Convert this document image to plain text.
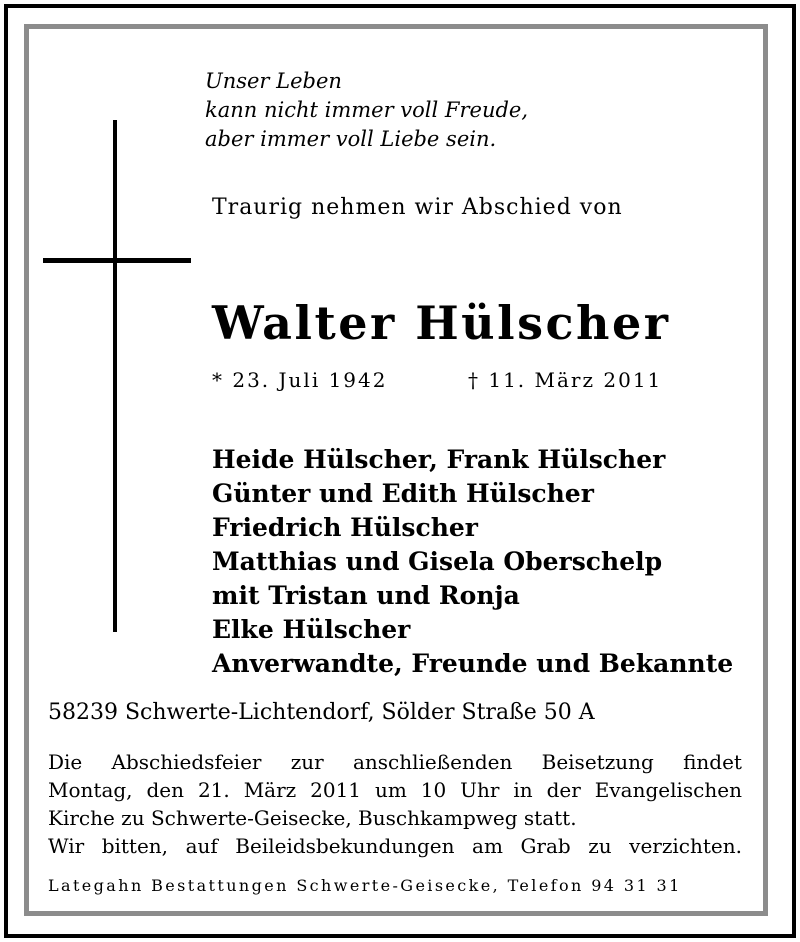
Unser Leben
kann nicht immer voll Freude,
aber immer voll Liebe sein.
Traurig nehmen wir Abschied von
Walter Hülscher
* 23. Juli 1942	† 11. März 2011
Heide Hülscher, Frank Hülscher
Günter und Edith Hülscher
Friedrich Hülscher
Matthias und Gisela Oberschelp
mit Tristan und Ronja
Elke Hülscher
Anverwandte, Freunde und Bekannte
58239 Schwerte-Lichtendorf, Sölder Straße 50 A
Die Abschiedsfeier zur anschließenden Beisetzung findet
Montag, den 21. März 2011 um 10 Uhr in der Evangelischen
Kirche zu Schwerte-Geisecke, Buschkampweg statt.
Wir bitten, auf Beileidsbekundungen am Grab zu verzichten.
Lategahn Bestattungen Schwerte-Geisecke, Telefon 94 31 31
